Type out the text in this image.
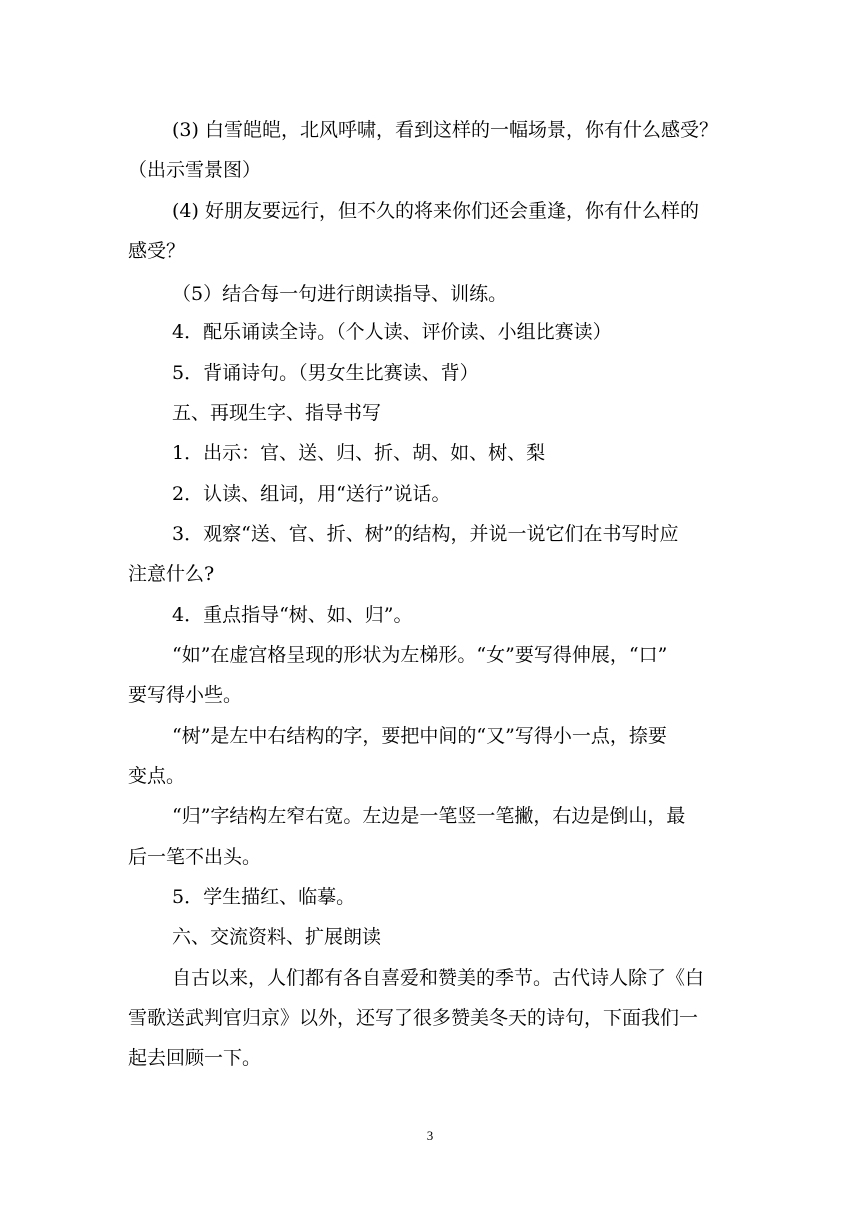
(3) 白雪皑皑，北风呼啸，看到这样的一幅场景，你有什么感受？
（出示雪景图）
(4) 好朋友要远行，但不久的将来你们还会重逢，你有什么样的
感受？
（5）结合每一句进行朗读指导、训练。
4．配乐诵读全诗。（个人读、评价读、小组比赛读）
5．背诵诗句。（男女生比赛读、背）
五、再现生字、指导书写
1．出示：官、送、归、折、胡、如、树、梨
2．认读、组词，用“送行”说话。
3．观察“送、官、折、树”的结构，并说一说它们在书写时应
注意什么?
4．重点指导“树、如、归”。
“如”在虚宫格呈现的形状为左梯形。“女”要写得伸展，“口”
要写得小些。
“树”是左中右结构的字，要把中间的“又”写得小一点，捺要
变点。
“归”字结构左窄右宽。左边是一笔竖一笔撇，右边是倒山，最
后一笔不出头。
5．学生描红、临摹。
六、交流资料、扩展朗读
自古以来，人们都有各自喜爱和赞美的季节。古代诗人除了《白
雪歌送武判官归京》以外，还写了很多赞美冬天的诗句，下面我们一
起去回顾一下。
3
